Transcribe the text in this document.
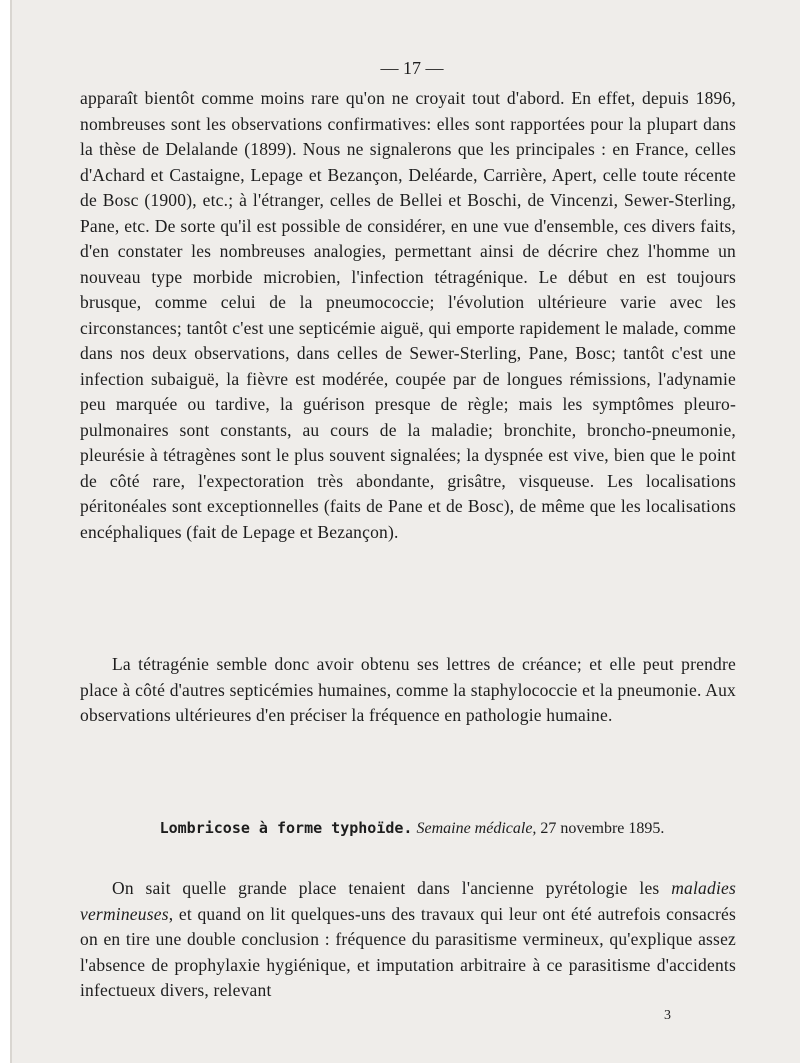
— 17 —

apparaît bientôt comme moins rare qu'on ne croyait tout d'abord. En effet, depuis 1896, nombreuses sont les observations confirmatives: elles sont rapportées pour la plupart dans la thèse de Delalande (1899). Nous ne signalerons que les principales : en France, celles d'Achard et Castaigne, Lepage et Bezançon, Deléarde, Carrière, Apert, celle toute récente de Bosc (1900), etc.; à l'étranger, celles de Bellei et Boschi, de Vincenzi, Sewer-Sterling, Pane, etc. De sorte qu'il est possible de considérer, en une vue d'ensemble, ces divers faits, d'en constater les nombreuses analogies, permettant ainsi de décrire chez l'homme un nouveau type morbide microbien, l'infection tétragénique. Le début en est toujours brusque, comme celui de la pneumococcie; l'évolution ultérieure varie avec les circonstances; tantôt c'est une septicémie aiguë, qui emporte rapidement le malade, comme dans nos deux observations, dans celles de Sewer-Sterling, Pane, Bosc; tantôt c'est une infection subaiguë, la fièvre est modérée, coupée par de longues rémissions, l'adynamie peu marquée ou tardive, la guérison presque de règle; mais les symptômes pleuro-pulmonaires sont constants, au cours de la maladie; bronchite, broncho-pneumonie, pleurésie à tétragènes sont le plus souvent signalées; la dyspnée est vive, bien que le point de côté rare, l'expectoration très abondante, grisâtre, visqueuse. Les localisations péritonéales sont exceptionnelles (faits de Pane et de Bosc), de même que les localisations encéphaliques (fait de Lepage et Bezançon).

La tétragénie semble donc avoir obtenu ses lettres de créance; et elle peut prendre place à côté d'autres septicémies humaines, comme la staphylococcie et la pneumonie. Aux observations ultérieures d'en préciser la fréquence en pathologie humaine.

Lombricose à forme typhoïde. Semaine médicale, 27 novembre 1895.

On sait quelle grande place tenaient dans l'ancienne pyrétologie les maladies vermineuses, et quand on lit quelques-uns des travaux qui leur ont été autrefois consacrés on en tire une double conclusion : fréquence du parasitisme vermineux, qu'explique assez l'absence de prophylaxie hygiénique, et imputation arbitraire à ce parasitisme d'accidents infectueux divers, relevant

3
